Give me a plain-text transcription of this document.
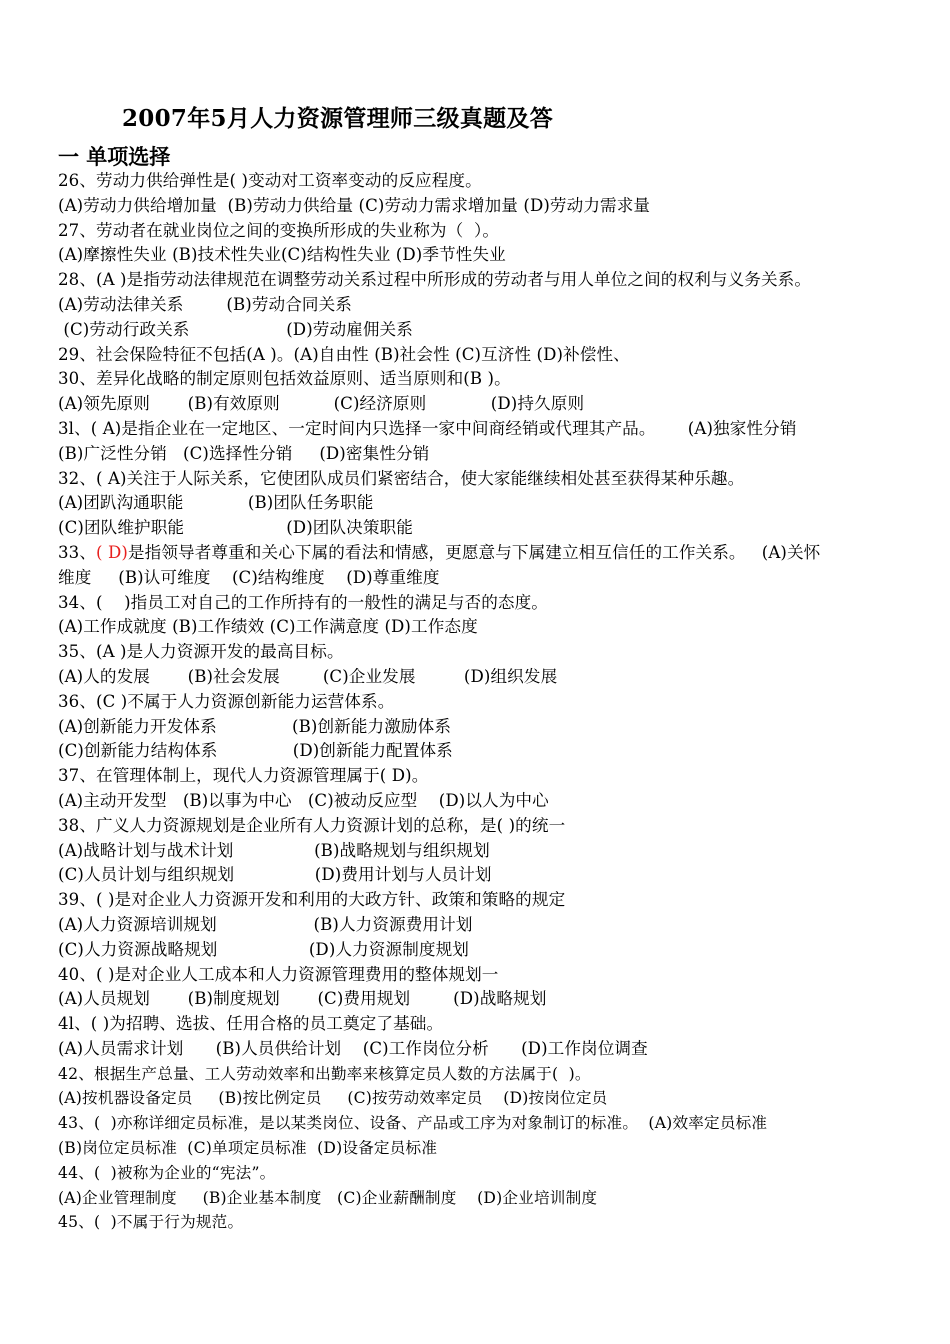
2007年5月人力资源管理师三级真题及答
一 单项选择
26、劳动力供给弹性是( )变动对工资率变动的反应程度。
(A)劳动力供给增加量  (B)劳动力供给量 (C)劳动力需求增加量 (D)劳动力需求量
27、劳动者在就业岗位之间的变换所形成的失业称为（  ）。
(A)摩擦性失业 (B)技术性失业(C)结构性失业 (D)季节性失业
28、(A )是指劳动法律规范在调整劳动关系过程中所形成的劳动者与用人单位之间的权利与义务关系。
(A)劳动法律关系        (B)劳动合同关系
(C)劳动行政关系                  (D)劳动雇佣关系
29、社会保险特征不包括(A )。(A)自由性 (B)社会性 (C)互济性 (D)补偿性、
30、差异化战略的制定原则包括效益原则、适当原则和(B )。
(A)领先原则       (B)有效原则          (C)经济原则            (D)持久原则
3l、( A)是指企业在一定地区、一定时间内只选择一家中间商经销或代理其产品。      (A)独家性分销
(B)广泛性分销   (C)选择性分销     (D)密集性分销
32、( A)关注于人际关系，它使团队成员们紧密结合，使大家能继续相处甚至获得某种乐趣。
(A)团趴沟通职能            (B)团队任务职能
(C)团队维护职能                   (D)团队决策职能
33、( D)是指领导者尊重和关心下属的看法和情感，更愿意与下属建立相互信任的工作关系。   (A)关怀
维度     (B)认可维度    (C)结构维度    (D)尊重维度
34、(    )指员工对自己的工作所持有的一般性的满足与否的态度。
(A)工作成就度 (B)工作绩效 (C)工作满意度 (D)工作态度
35、(A )是人力资源开发的最高目标。
(A)人的发展       (B)社会发展        (C)企业发展         (D)组织发展
36、(C )不属于人力资源创新能力运营体系。
(A)创新能力开发体系              (B)创新能力激励体系
(C)创新能力结构体系              (D)创新能力配置体系
37、在管理体制上，现代人力资源管理属于( D)。
(A)主动开发型   (B)以事为中心   (C)被动反应型    (D)以人为中心
38、广义人力资源规划是企业所有人力资源计划的总称，是( )的统一
(A)战略计划与战术计划               (B)战略规划与组织规划
(C)人员计划与组织规划               (D)费用计划与人员计划
39、( )是对企业人力资源开发和利用的大政方针、政策和策略的规定
(A)人力资源培训规划                  (B)人力资源费用计划
(C)人力资源战略规划                 (D)人力资源制度规划
40、( )是对企业人工成本和人力资源管理费用的整体规划一
(A)人员规划       (B)制度规划       (C)费用规划        (D)战略规划
4l、( )为招聘、选拔、任用合格的员工奠定了基础。
(A)人员需求计划      (B)人员供给计划    (C)工作岗位分析      (D)工作岗位调查
42、根据生产总量、工人劳动效率和出勤率来核算定员人数的方法属于(  )。
(A)按机器设备定员     (B)按比例定员     (C)按劳动效率定员    (D)按岗位定员
43、(  )亦称详细定员标准，是以某类岗位、设备、产品或工序为对象制订的标准。  (A)效率定员标准
(B)岗位定员标准  (C)单项定员标准  (D)设备定员标准
44、(  )被称为企业的“宪法”。
(A)企业管理制度     (B)企业基本制度   (C)企业薪酬制度    (D)企业培训制度
45、(  )不属于行为规范。
